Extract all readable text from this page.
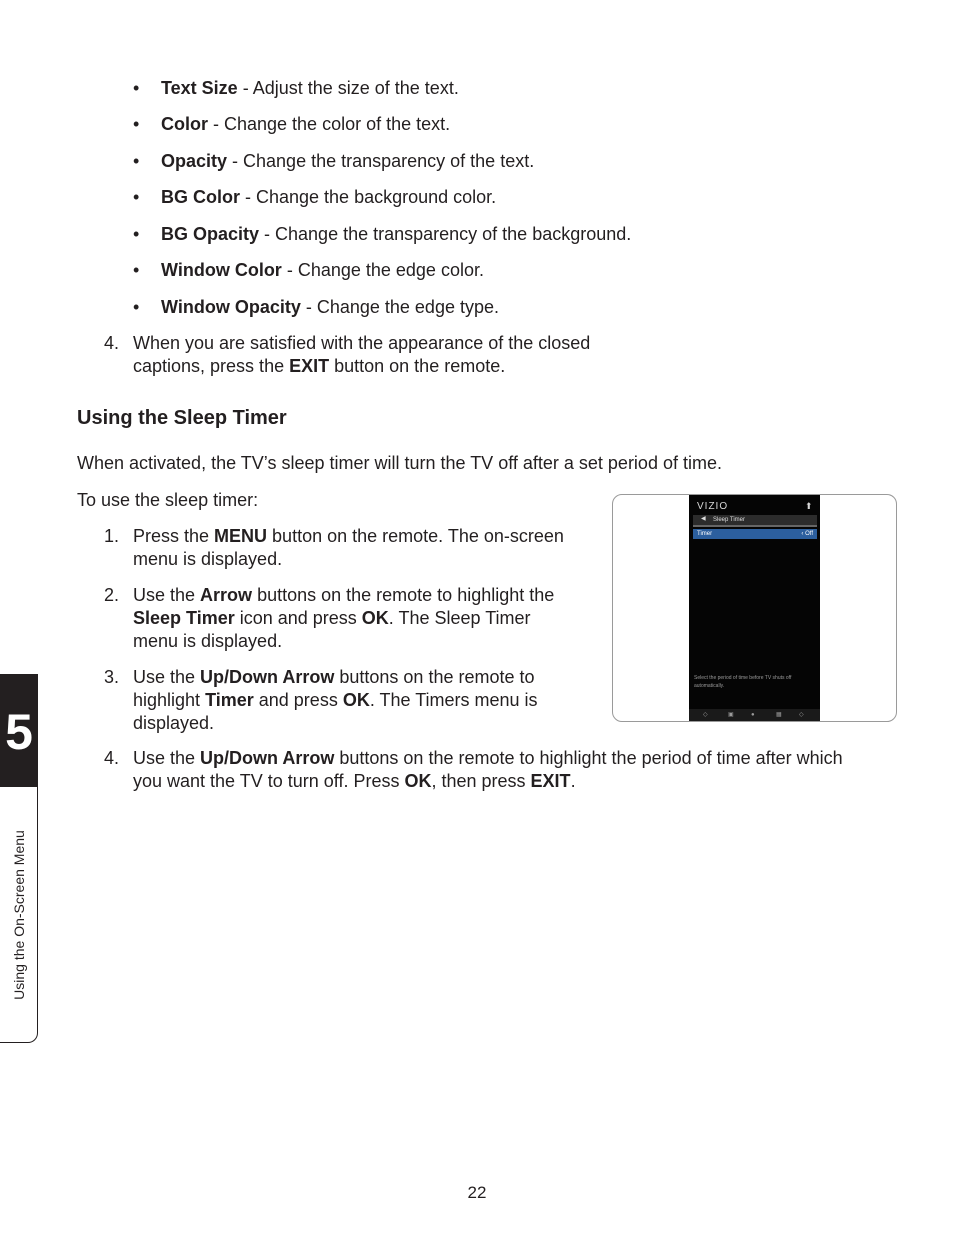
• Text Size - Adjust the size of the text.
• Color - Change the color of the text.
• Opacity - Change the transparency of the text.
• BG Color - Change the background color.
• BG Opacity - Change the transparency of the background.
• Window Color - Change the edge color.
• Window Opacity - Change the edge type.
4. When you are satisfied with the appearance of the closed
captions, press the EXIT button on the remote.
Using the Sleep Timer
When activated, the TV’s sleep timer will turn the TV off after a set period of time.
To use the sleep timer:
1. Press the MENU button on the remote. The on-screen
menu is displayed.
2. Use the Arrow buttons on the remote to highlight the
Sleep Timer icon and press OK. The Sleep Timer
menu is displayed.
3. Use the Up/Down Arrow buttons on the remote to
highlight Timer and press OK. The Timers menu is
displayed.
4. Use the Up/Down Arrow buttons on the remote to highlight the period of time after which
you want the TV to turn off. Press OK, then press EXIT.
VIZIO	⬆
◀ Sleep Timer
Timer	‹ Off
Select the period of time before TV shuts off automatically.
◇	▣	●	▦	◇
5
Using the On-Screen Menu
22
